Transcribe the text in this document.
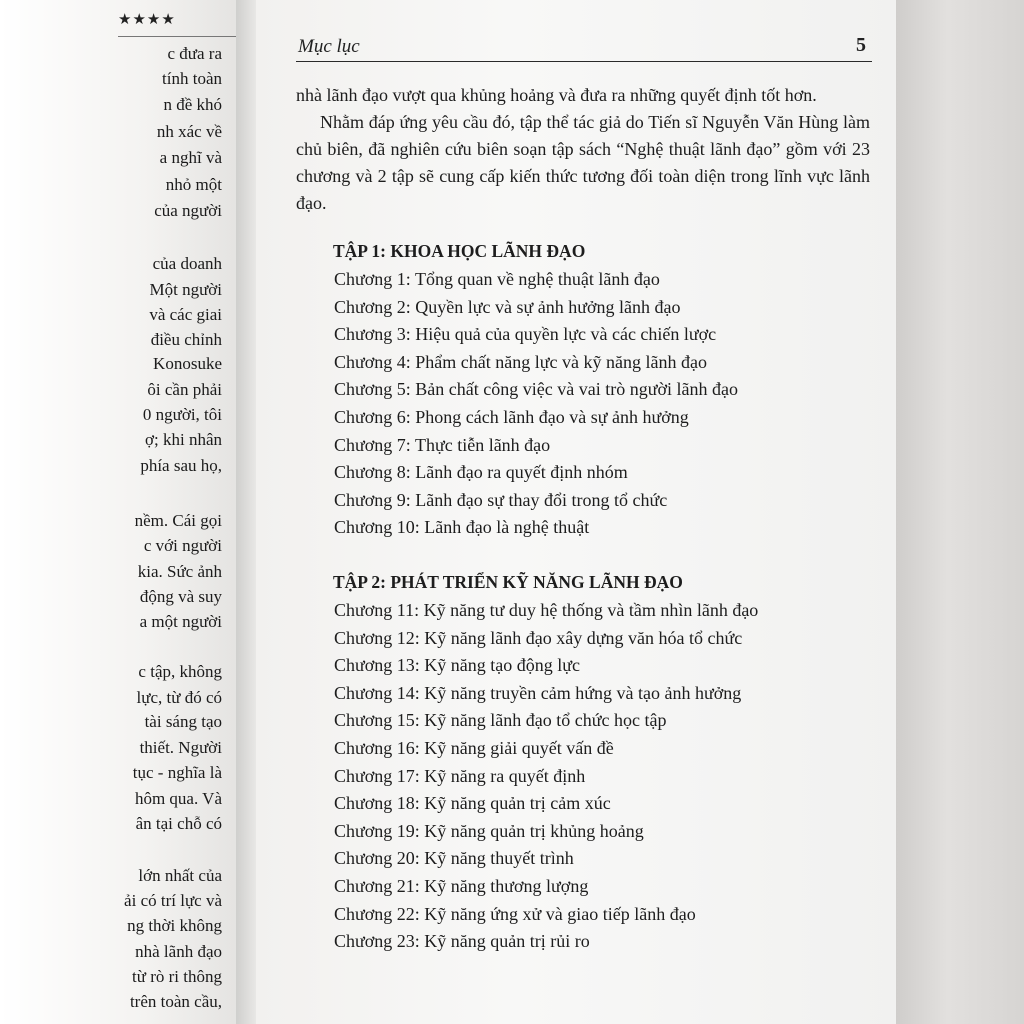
★★★★
c đưa ra
tính toàn
n đề khó
nh xác về
a nghĩ và
nhỏ một
của người
của doanh
Một người
và các giai
điều chỉnh
Konosuke
ôi cần phải
0 người, tôi
ợ; khi nhân
phía sau họ,
nềm. Cái gọi
c với người
kia. Sức ảnh
động và suy
a một người
c tập, không
lực, từ đó có
tài sáng tạo
thiết. Người
tục - nghĩa là
hôm qua. Và
ân tại chỗ có
lớn nhất của
ải có trí lực và
ng thời không
nhà lãnh đạo
từ rò ri thông
trên toàn cầu,
Mục lục	5

nhà lãnh đạo vượt qua khủng hoảng và đưa ra những quyết định tốt hơn.

Nhằm đáp ứng yêu cầu đó, tập thể tác giả do Tiến sĩ Nguyễn Văn Hùng làm chủ biên, đã nghiên cứu biên soạn tập sách “Nghệ thuật lãnh đạo” gồm với 23 chương và 2 tập sẽ cung cấp kiến thức tương đối toàn diện trong lĩnh vực lãnh đạo.

TẬP 1: KHOA HỌC LÃNH ĐẠO
Chương 1: Tổng quan về nghệ thuật lãnh đạo
Chương 2: Quyền lực và sự ảnh hưởng lãnh đạo
Chương 3: Hiệu quả của quyền lực và các chiến lược
Chương 4: Phẩm chất năng lực và kỹ năng lãnh đạo
Chương 5: Bản chất công việc và vai trò người lãnh đạo
Chương 6: Phong cách lãnh đạo và sự ảnh hưởng
Chương 7: Thực tiễn lãnh đạo
Chương 8: Lãnh đạo ra quyết định nhóm
Chương 9: Lãnh đạo sự thay đổi trong tổ chức
Chương 10: Lãnh đạo là nghệ thuật
TẬP 2: PHÁT TRIỂN KỸ NĂNG LÃNH ĐẠO
Chương 11: Kỹ năng tư duy hệ thống và tầm nhìn lãnh đạo
Chương 12: Kỹ năng lãnh đạo xây dựng văn hóa tổ chức
Chương 13: Kỹ năng tạo động lực
Chương 14: Kỹ năng truyền cảm hứng và tạo ảnh hưởng
Chương 15: Kỹ năng lãnh đạo tổ chức học tập
Chương 16: Kỹ năng giải quyết vấn đề
Chương 17: Kỹ năng ra quyết định
Chương 18: Kỹ năng quản trị cảm xúc
Chương 19: Kỹ năng quản trị khủng hoảng
Chương 20: Kỹ năng thuyết trình
Chương 21: Kỹ năng thương lượng
Chương 22: Kỹ năng ứng xử và giao tiếp lãnh đạo
Chương 23: Kỹ năng quản trị rủi ro
